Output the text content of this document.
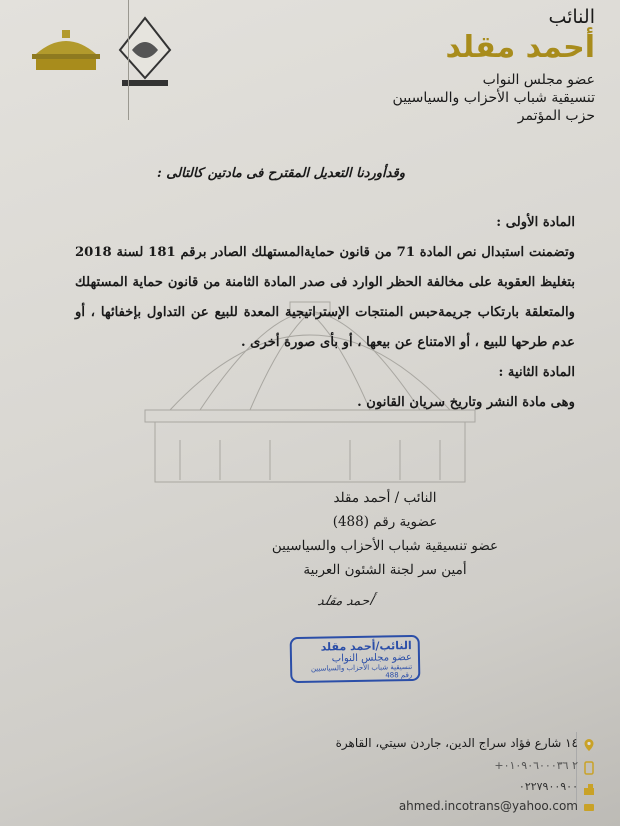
النائب
أحمد مقلد
عضو مجلس النواب
تنسيقية شباب الأحزاب والسياسيين
حزب المؤتمر
وقدأوردنا التعديل المقترح فى مادتين كالتالى :

المادة الأولى :

وتضمنت استبدال نص المادة 71 من قانون حمايةالمستهلك الصادر برقم 181 لسنة 2018 بتغليظ العقوبة على مخالفة الحظر الوارد فى صدر المادة الثامنة من قانون حماية المستهلك والمتعلقة بارتكاب جريمةحبس المنتجات الإستراتيجية المعدة للبيع عن التداول بإخفائها ، أو عدم طرحها للبيع ، أو الامتناع عن بيعها ، أو بأى صورة أخرى .

المادة الثانية :

وهى مادة النشر وتاريخ سريان القانون .

النائب / أحمد مقلد
عضوية رقم (488)
عضو تنسيقية شباب الأحزاب والسياسيين
أمين سر لجنة الشئون العربية
أحمد مقلد
النائب/أحمد مقلد
عضو مجلس النواب
تنسيقية شباب الأحزاب والسياسيين رقم 488
١٤ شارع فؤاد سراج الدين، جاردن سيتي، القاهرة
+٢ ٠١٠٩٠٦٠٠٠٣٦
٠٢٢٧٩٠٠٩٠٠
ahmed.incotrans@yahoo.com
